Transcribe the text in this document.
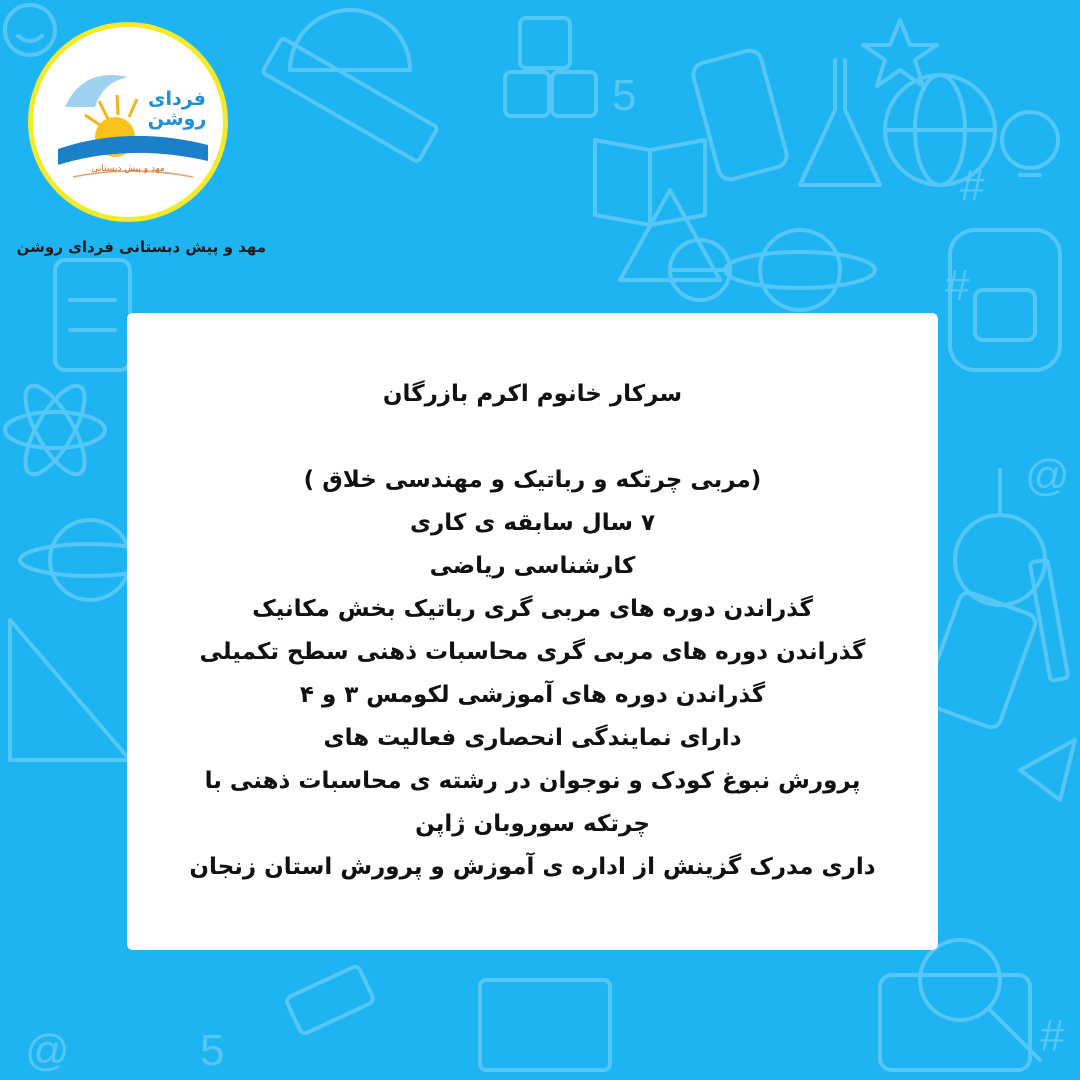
5
#
@
5
@	#
#
فردای
روشن
مهد و پیش دبستانی
مهد و پیش دبستانی فردای روشن
سرکار خانوم اکرم بازرگان
(مربی چرتکه و رباتیک و مهندسی خلاق )
۷ سال سابقه ی کاری
کارشناسی ریاضی
گذراندن دوره های مربی گری رباتیک بخش مکانیک
گذراندن دوره های مربی گری محاسبات ذهنی سطح تکمیلی
گذراندن دوره های آموزشی لکومس ۳ و ۴
دارای نمایندگی انحصاری فعالیت های
پرورش نبوغ کودک و نوجوان در رشته ی محاسبات ذهنی با
چرتکه سوروبان ژاپن
داری مدرک گزینش از اداره ی آموزش و پرورش استان زنجان
